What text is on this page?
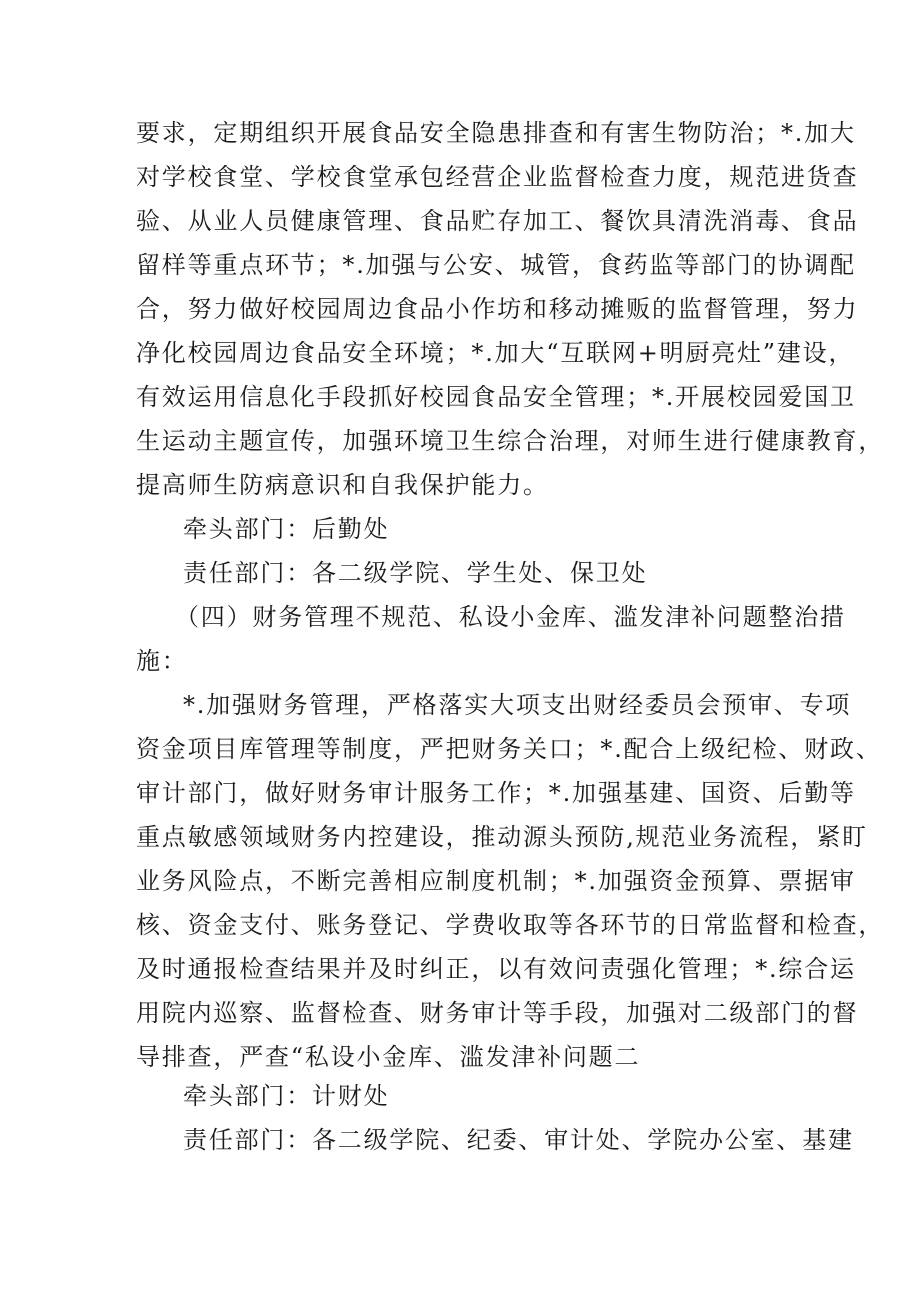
要求，定期组织开展食品安全隐患排查和有害生物防治；*.加大
对学校食堂、学校食堂承包经营企业监督检查力度，规范进货查
验、从业人员健康管理、食品贮存加工、餐饮具清洗消毒、食品
留样等重点环节；*.加强与公安、城管，食药监等部门的协调配
合，努力做好校园周边食品小作坊和移动摊贩的监督管理，努力
净化校园周边食品安全环境；*.加大“互联网+明厨亮灶”建设，
有效运用信息化手段抓好校园食品安全管理；*.开展校园爱国卫
生运动主题宣传，加强环境卫生综合治理，对师生进行健康教育，
提高师生防病意识和自我保护能力。
牵头部门：后勤处
责任部门：各二级学院、学生处、保卫处
（四）财务管理不规范、私设小金库、滥发津补问题整治措
施：
*.加强财务管理，严格落实大项支出财经委员会预审、专项
资金项目库管理等制度，严把财务关口；*.配合上级纪检、财政、
审计部门，做好财务审计服务工作；*.加强基建、国资、后勤等
重点敏感领域财务内控建设，推动源头预防,规范业务流程，紧盯
业务风险点，不断完善相应制度机制；*.加强资金预算、票据审
核、资金支付、账务登记、学费收取等各环节的日常监督和检查，
及时通报检查结果并及时纠正，以有效问责强化管理；*.综合运
用院内巡察、监督检查、财务审计等手段，加强对二级部门的督
导排查，严查“私设小金库、滥发津补问题二
牵头部门：计财处
责任部门：各二级学院、纪委、审计处、学院办公室、基建
